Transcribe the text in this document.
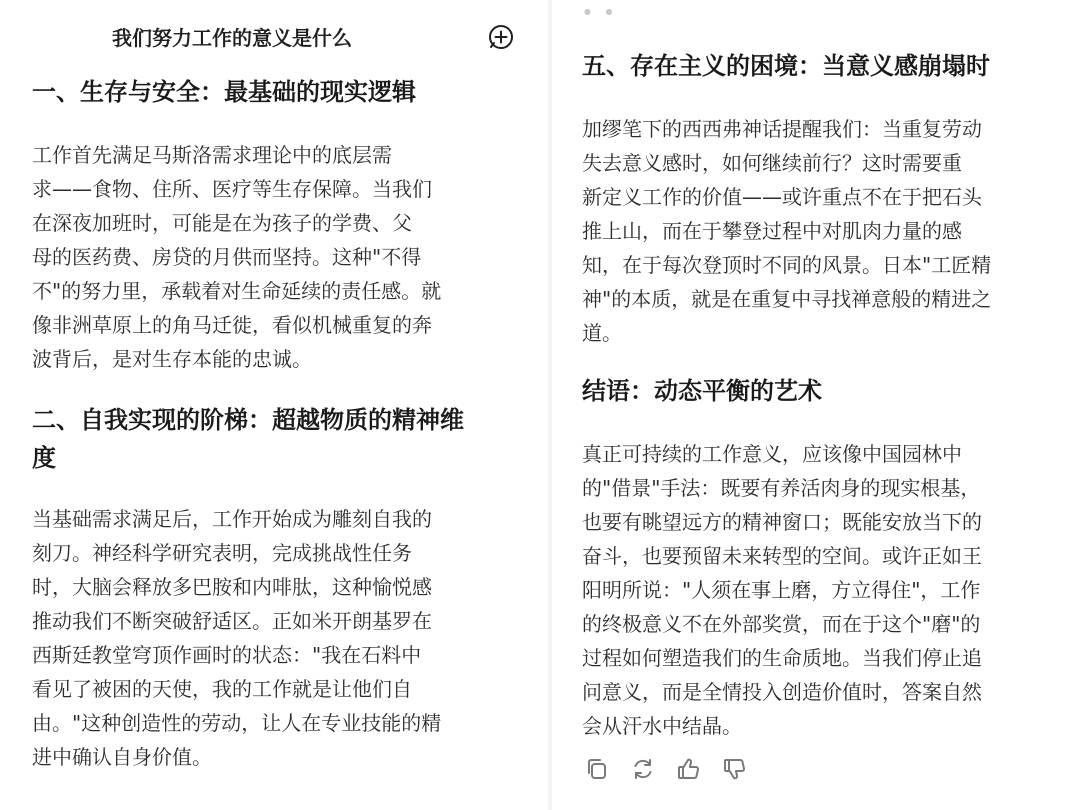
我们努力工作的意义是什么
一、生存与安全：最基础的现实逻辑
工作首先满足马斯洛需求理论中的底层需
求——食物、住所、医疗等生存保障。当我们
在深夜加班时，可能是在为孩子的学费、父
母的医药费、房贷的月供而坚持。这种"不得
不"的努力里，承载着对生命延续的责任感。就
像非洲草原上的角马迁徙，看似机械重复的奔
波背后，是对生存本能的忠诚。
二、自我实现的阶梯：超越物质的精神维
度
当基础需求满足后，工作开始成为雕刻自我的
刻刀。神经科学研究表明，完成挑战性任务
时，大脑会释放多巴胺和内啡肽，这种愉悦感
推动我们不断突破舒适区。正如米开朗基罗在
西斯廷教堂穹顶作画时的状态："我在石料中
看见了被困的天使，我的工作就是让他们自
由。"这种创造性的劳动，让人在专业技能的精
进中确认自身价值。
● ●
五、存在主义的困境：当意义感崩塌时
加缪笔下的西西弗神话提醒我们：当重复劳动
失去意义感时，如何继续前行？这时需要重
新定义工作的价值——或许重点不在于把石头
推上山，而在于攀登过程中对肌肉力量的感
知，在于每次登顶时不同的风景。日本"工匠精
神"的本质，就是在重复中寻找禅意般的精进之
道。
结语：动态平衡的艺术
真正可持续的工作意义，应该像中国园林中
的"借景"手法：既要有养活肉身的现实根基，
也要有眺望远方的精神窗口；既能安放当下的
奋斗，也要预留未来转型的空间。或许正如王
阳明所说："人须在事上磨，方立得住"，工作
的终极意义不在外部奖赏，而在于这个"磨"的
过程如何塑造我们的生命质地。当我们停止追
问意义，而是全情投入创造价值时，答案自然
会从汗水中结晶。
